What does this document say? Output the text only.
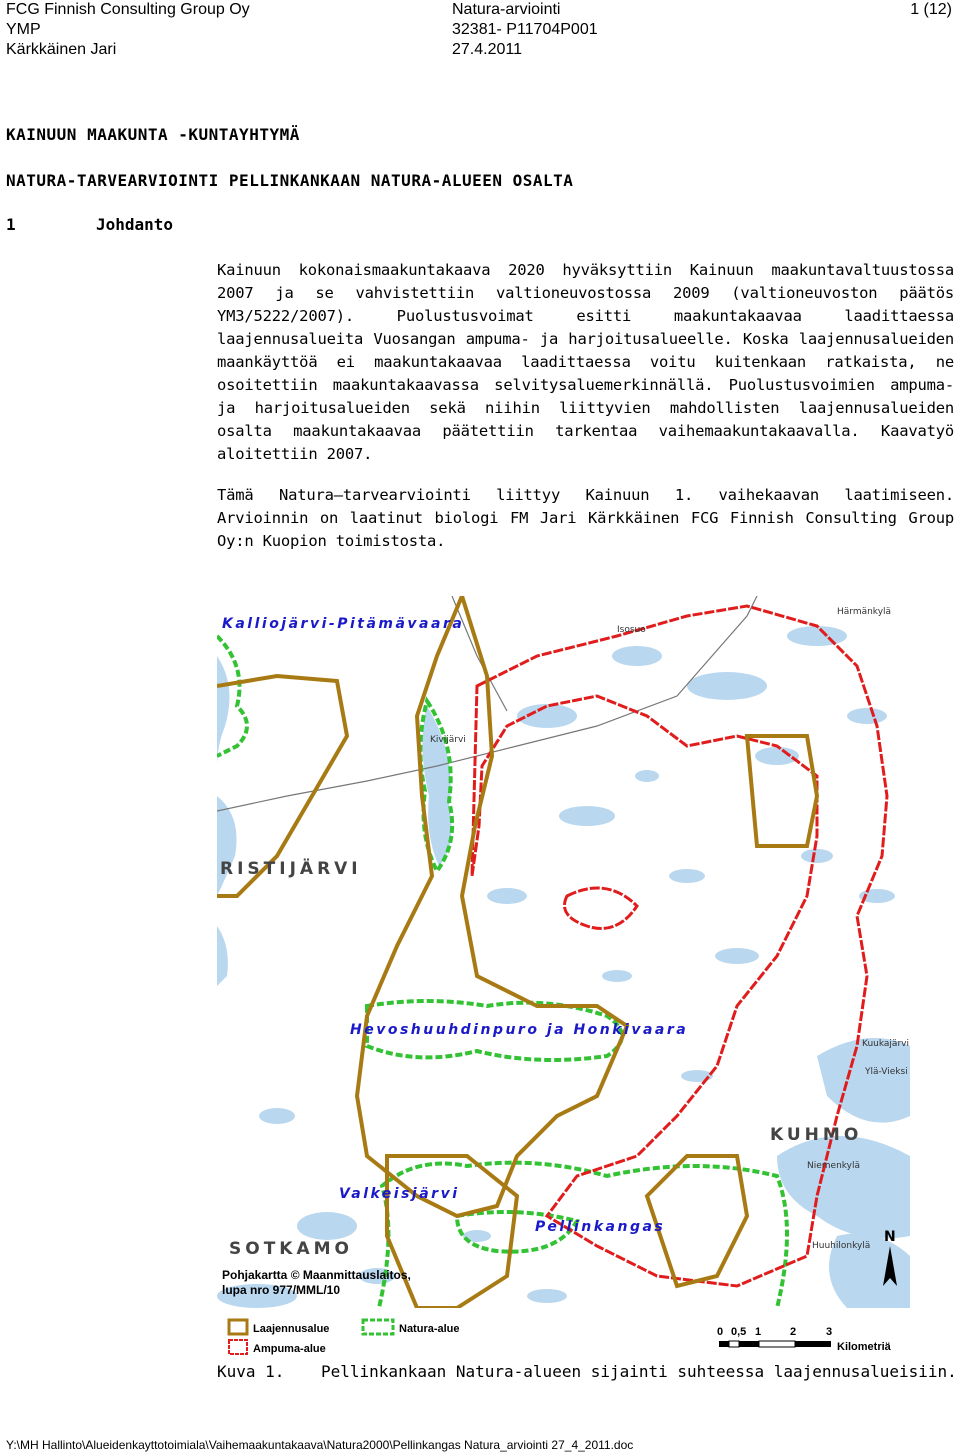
FCG Finnish Consulting Group Oy
YMP
Kärkkäinen Jari
Natura-arviointi
32381- P11704P001
27.4.2011
1 (12)
KAINUUN MAAKUNTA -KUNTAYHTYMÄ
NATURA-TARVEARVIOINTI PELLINKANKAAN NATURA-ALUEEN OSALTA
1	Johdanto
Kainuun kokonaismaakuntakaava 2020 hyväksyttiin Kainuun maakuntavaltuustossa 2007 ja se vahvistettiin valtioneuvostossa 2009 (valtioneuvoston päätös YM3/5222/2007). Puolustusvoimat esitti maakuntakaavaa laadittaessa laajennusalueita Vuosangan ampuma- ja harjoitusalueelle. Koska laajennusalueiden maankäyttöä ei maakuntakaavaa laadittaessa voitu kuitenkaan ratkaista, ne osoitettiin maakuntakaavassa selvitysaluemerkinnällä. Puolustusvoimien ampuma- ja harjoitusalueiden sekä niihin liittyvien mahdollisten laajennusalueiden osalta maakuntakaavaa päätettiin tarkentaa vaihemaakuntakaavalla. Kaavatyö aloitettiin 2007.
Tämä Natura–tarvearviointi liittyy Kainuun 1. vaihekaavan laatimiseen. Arvioinnin on laatinut biologi FM Jari Kärkkäinen FCG Finnish Consulting Group Oy:n Kuopion toimistosta.
Kalliojärvi-Pitämävaara
Hevoshuuhdinpuro ja Honkivaara
Valkeisjärvi
Pellinkangas
RISTIJÄRVI
KUHMO
SOTKAMO
Härmänkylä
Isosuo
Kivijärvi
Kuukajärvi
Ylä-Vieksi
Niemenkylä
Huuhilonkylä
N
Pohjakartta © Maanmittauslaitos,
lupa nro 977/MML/10
Laajennusalue	Natura-alue
Ampuma-alue
0 0,5 1	2	3
Kilometriä
Kuva 1. Pellinkankaan Natura-alueen sijainti suhteessa laajennusalueisiin.
Y:\MH Hallinto\Alueidenkayttotoimiala\Vaihemaakuntakaava\Natura2000\Pellinkangas Natura_arviointi 27_4_2011.doc
